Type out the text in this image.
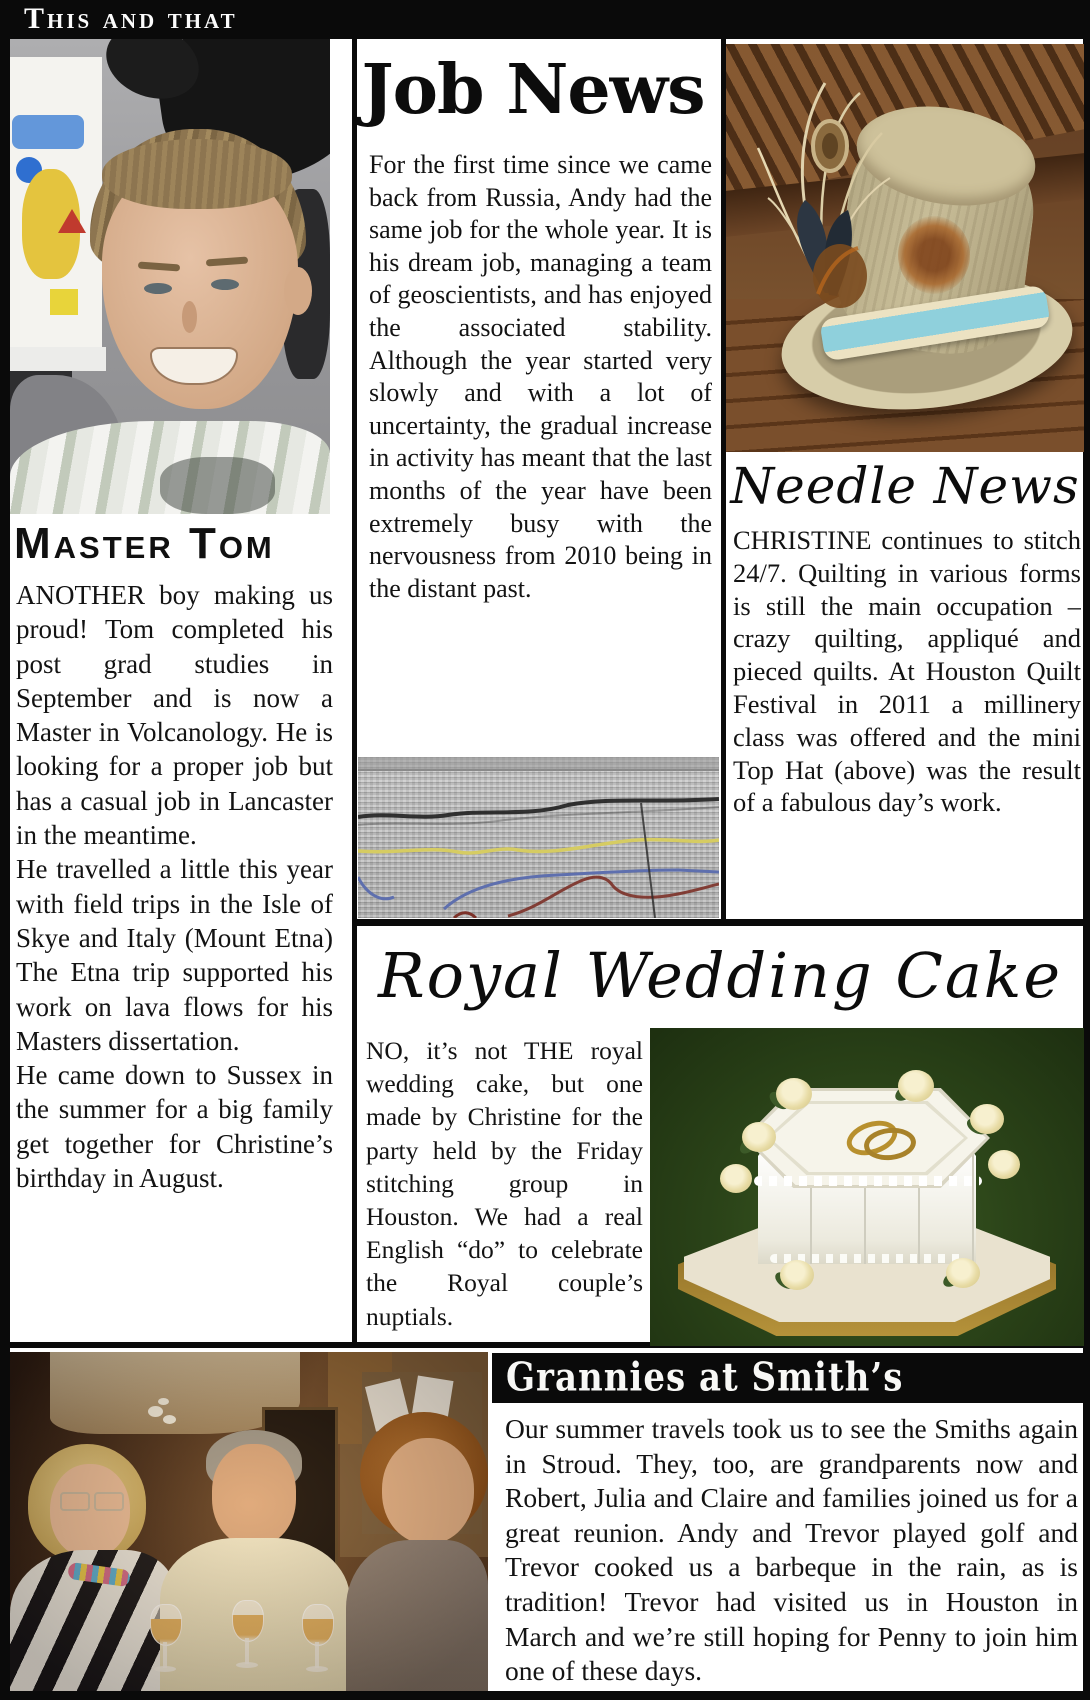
This and that
Master Tom

ANOTHER boy making us proud! Tom completed his post grad studies in September and is now a Master in Volcanology. He is looking for a proper job but has a casual job in Lancaster in the meantime.

He travelled a little this year with field trips in the Isle of Skye and Italy (Mount Etna) The Etna trip supported his work on lava flows for his Masters dissertation.

He came down to Sussex in the summer for a big family get together for Christine’s birthday in August.

Job News

For the first time since we came back from Russia, Andy had the same job for the whole year. It is his dream job, managing a team of geoscientists, and has enjoyed the associated stability. Although the year started very slowly and with a lot of uncertainty, the gradual increase in activity has meant that the last months of the year have been extremely busy with the nervousness from 2010 being in the distant past.

Needle News

CHRISTINE continues to stitch 24/7. Quilting in various forms is still the main occupation – crazy quilting, appliqué and pieced quilts. At Houston Quilt Festival in 2011 a millinery class was offered and the mini Top Hat (above) was the result of a fabulous day’s work.

Royal Wedding Cake

NO, it’s not THE royal wedding cake, but one made by Christine for the party held by the Friday stitching group in Houston. We had a real English “do” to celebrate the Royal couple’s nuptials.

Grannies at Smith’s

Our summer travels took us to see the Smiths again in Stroud. They, too, are grandparents now and Robert, Julia and Claire and families joined us for a great reunion. Andy and Trevor played golf and Trevor cooked us a barbeque in the rain, as is tradition! Trevor had visited us in Houston in March and we’re still hoping for Penny to join him one of these days.
